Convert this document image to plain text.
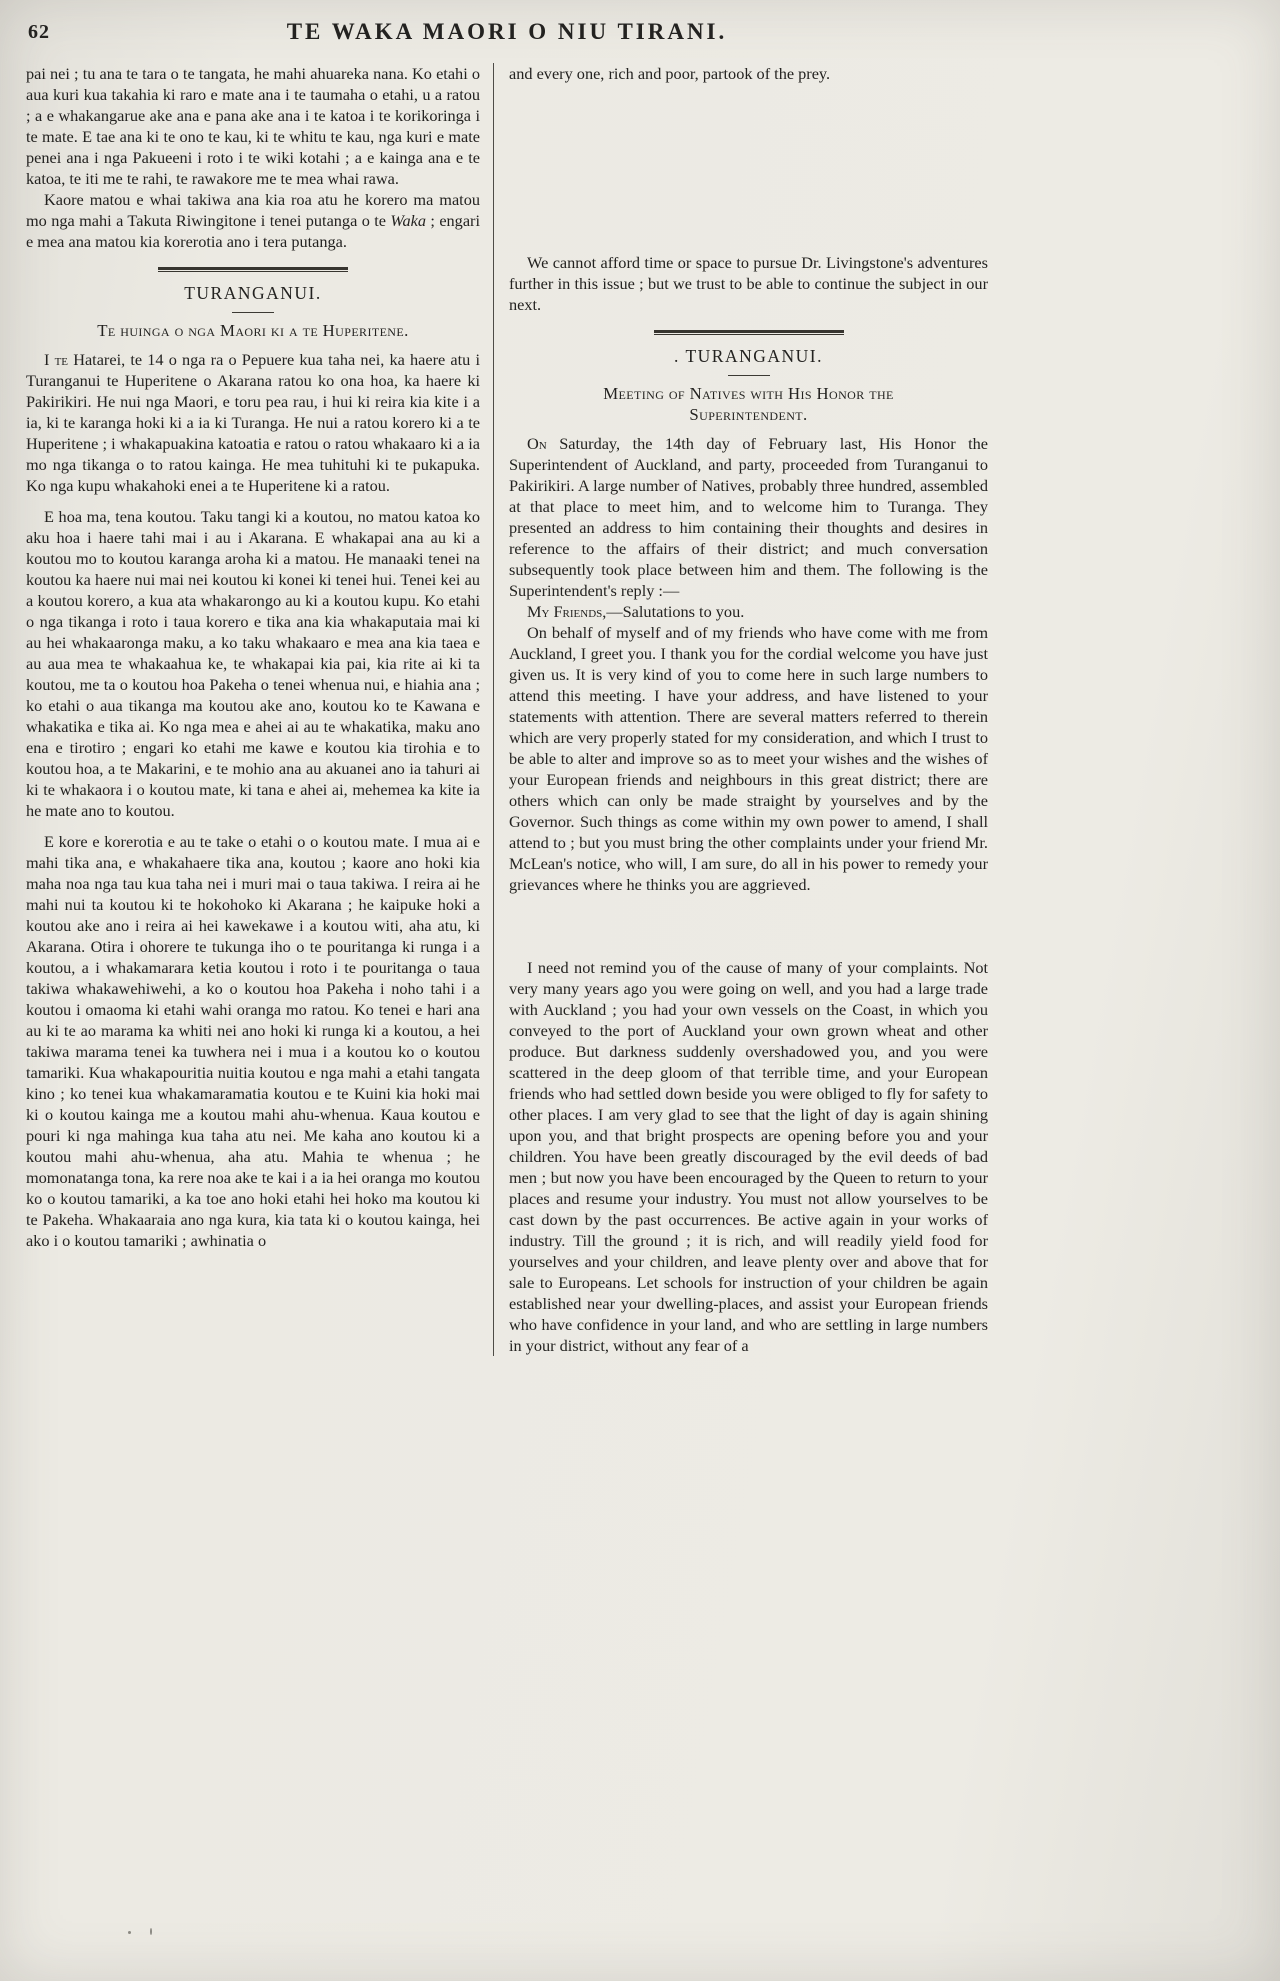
62	TE WAKA MAORI O NIU TIRANI.

pai nei ; tu ana te tara o te tangata, he mahi ahuareka nana. Ko etahi o aua kuri kua takahia ki raro e mate ana i te taumaha o etahi, u a ratou ; a e whakangarue ake ana e pana ake ana i te katoa i te korikoringa i te mate. E tae ana ki te ono te kau, ki te whitu te kau, nga kuri e mate penei ana i nga Pakueeni i roto i te wiki kotahi ; a e kainga ana e te katoa, te iti me te rahi, te rawakore me te mea whai rawa.

Kaore matou e whai takiwa ana kia roa atu he korero ma matou mo nga mahi a Takuta Riwingitone i tenei putanga o te Waka ; engari e mea ana matou kia korerotia ano i tera putanga.

TURANGANUI.
Te huinga o nga Maori ki a te Huperitene.

I te Hatarei, te 14 o nga ra o Pepuere kua taha nei, ka haere atu i Turanganui te Huperitene o Akarana ratou ko ona hoa, ka haere ki Pakirikiri. He nui nga Maori, e toru pea rau, i hui ki reira kia kite i a ia, ki te karanga hoki ki a ia ki Turanga. He nui a ratou korero ki a te Huperitene ; i whakapuakina katoatia e ratou o ratou whakaaro ki a ia mo nga tikanga o to ratou kainga. He mea tuhituhi ki te pukapuka. Ko nga kupu whakahoki enei a te Huperitene ki a ratou.

E hoa ma, tena koutou. Taku tangi ki a koutou, no matou katoa ko aku hoa i haere tahi mai i au i Akarana. E whakapai ana au ki a koutou mo to koutou karanga aroha ki a matou. He manaaki tenei na koutou ka haere nui mai nei koutou ki konei ki tenei hui. Tenei kei au a koutou korero, a kua ata whakarongo au ki a koutou kupu. Ko etahi o nga tikanga i roto i taua korero e tika ana kia whakaputaia mai ki au hei whakaaronga maku, a ko taku whakaaro e mea ana kia taea e au aua mea te whakaahua ke, te whakapai kia pai, kia rite ai ki ta koutou, me ta o koutou hoa Pakeha o tenei whenua nui, e hiahia ana ; ko etahi o aua tikanga ma koutou ake ano, koutou ko te Kawana e whakatika e tika ai. Ko nga mea e ahei ai au te whakatika, maku ano ena e tirotiro ; engari ko etahi me kawe e koutou kia tirohia e to koutou hoa, a te Makarini, e te mohio ana au akuanei ano ia tahuri ai ki te whakaora i o koutou mate, ki tana e ahei ai, mehemea ka kite ia he mate ano to koutou.

E kore e korerotia e au te take o etahi o o koutou mate. I mua ai e mahi tika ana, e whakahaere tika ana, koutou ; kaore ano hoki kia maha noa nga tau kua taha nei i muri mai o taua takiwa. I reira ai he mahi nui ta koutou ki te hokohoko ki Akarana ; he kaipuke hoki a koutou ake ano i reira ai hei kawekawe i a koutou witi, aha atu, ki Akarana. Otira i ohorere te tukunga iho o te pouritanga ki runga i a koutou, a i whakamarara ketia koutou i roto i te pouritanga o taua takiwa whakawehiwehi, a ko o koutou hoa Pakeha i noho tahi i a koutou i omaoma ki etahi wahi oranga mo ratou. Ko tenei e hari ana au ki te ao marama ka whiti nei ano hoki ki runga ki a koutou, a hei takiwa marama tenei ka tuwhera nei i mua i a koutou ko o koutou tamariki. Kua whakapouritia nuitia koutou e nga mahi a etahi tangata kino ; ko tenei kua whakamaramatia koutou e te Kuini kia hoki mai ki o koutou kainga me a koutou mahi ahu-whenua. Kaua koutou e pouri ki nga mahinga kua taha atu nei. Me kaha ano koutou ki a koutou mahi ahu-whenua, aha atu. Mahia te whenua ; he momonatanga tona, ka rere noa ake te kai i a ia hei oranga mo koutou ko o koutou tamariki, a ka toe ano hoki etahi hei hoko ma koutou ki te Pakeha. Whakaaraia ano nga kura, kia tata ki o koutou kainga, hei ako i o koutou tamariki ; awhinatia o

and every one, rich and poor, partook of the prey.

We cannot afford time or space to pursue Dr. Livingstone's adventures further in this issue ; but we trust to be able to continue the subject in our next.

. TURANGANUI.
Meeting of Natives with His Honor the
Superintendent.

On Saturday, the 14th day of February last, His Honor the Superintendent of Auckland, and party, proceeded from Turanganui to Pakirikiri. A large number of Natives, probably three hundred, assembled at that place to meet him, and to welcome him to Turanga. They presented an address to him containing their thoughts and desires in reference to the affairs of their district; and much conversation subsequently took place between him and them. The following is the Superintendent's reply :—

My Friends,—Salutations to you.

On behalf of myself and of my friends who have come with me from Auckland, I greet you. I thank you for the cordial welcome you have just given us. It is very kind of you to come here in such large numbers to attend this meeting. I have your address, and have listened to your statements with attention. There are several matters referred to therein which are very properly stated for my consideration, and which I trust to be able to alter and improve so as to meet your wishes and the wishes of your European friends and neighbours in this great district; there are others which can only be made straight by yourselves and by the Governor. Such things as come within my own power to amend, I shall attend to ; but you must bring the other complaints under your friend Mr. McLean's notice, who will, I am sure, do all in his power to remedy your grievances where he thinks you are aggrieved.

I need not remind you of the cause of many of your complaints. Not very many years ago you were going on well, and you had a large trade with Auckland ; you had your own vessels on the Coast, in which you conveyed to the port of Auckland your own grown wheat and other produce. But darkness suddenly overshadowed you, and you were scattered in the deep gloom of that terrible time, and your European friends who had settled down beside you were obliged to fly for safety to other places. I am very glad to see that the light of day is again shining upon you, and that bright prospects are opening before you and your children. You have been greatly discouraged by the evil deeds of bad men ; but now you have been encouraged by the Queen to return to your places and resume your industry. You must not allow yourselves to be cast down by the past occurrences. Be active again in your works of industry. Till the ground ; it is rich, and will readily yield food for yourselves and your children, and leave plenty over and above that for sale to Europeans. Let schools for instruction of your children be again established near your dwelling-places, and assist your European friends who have confidence in your land, and who are settling in large numbers in your district, without any fear of a
